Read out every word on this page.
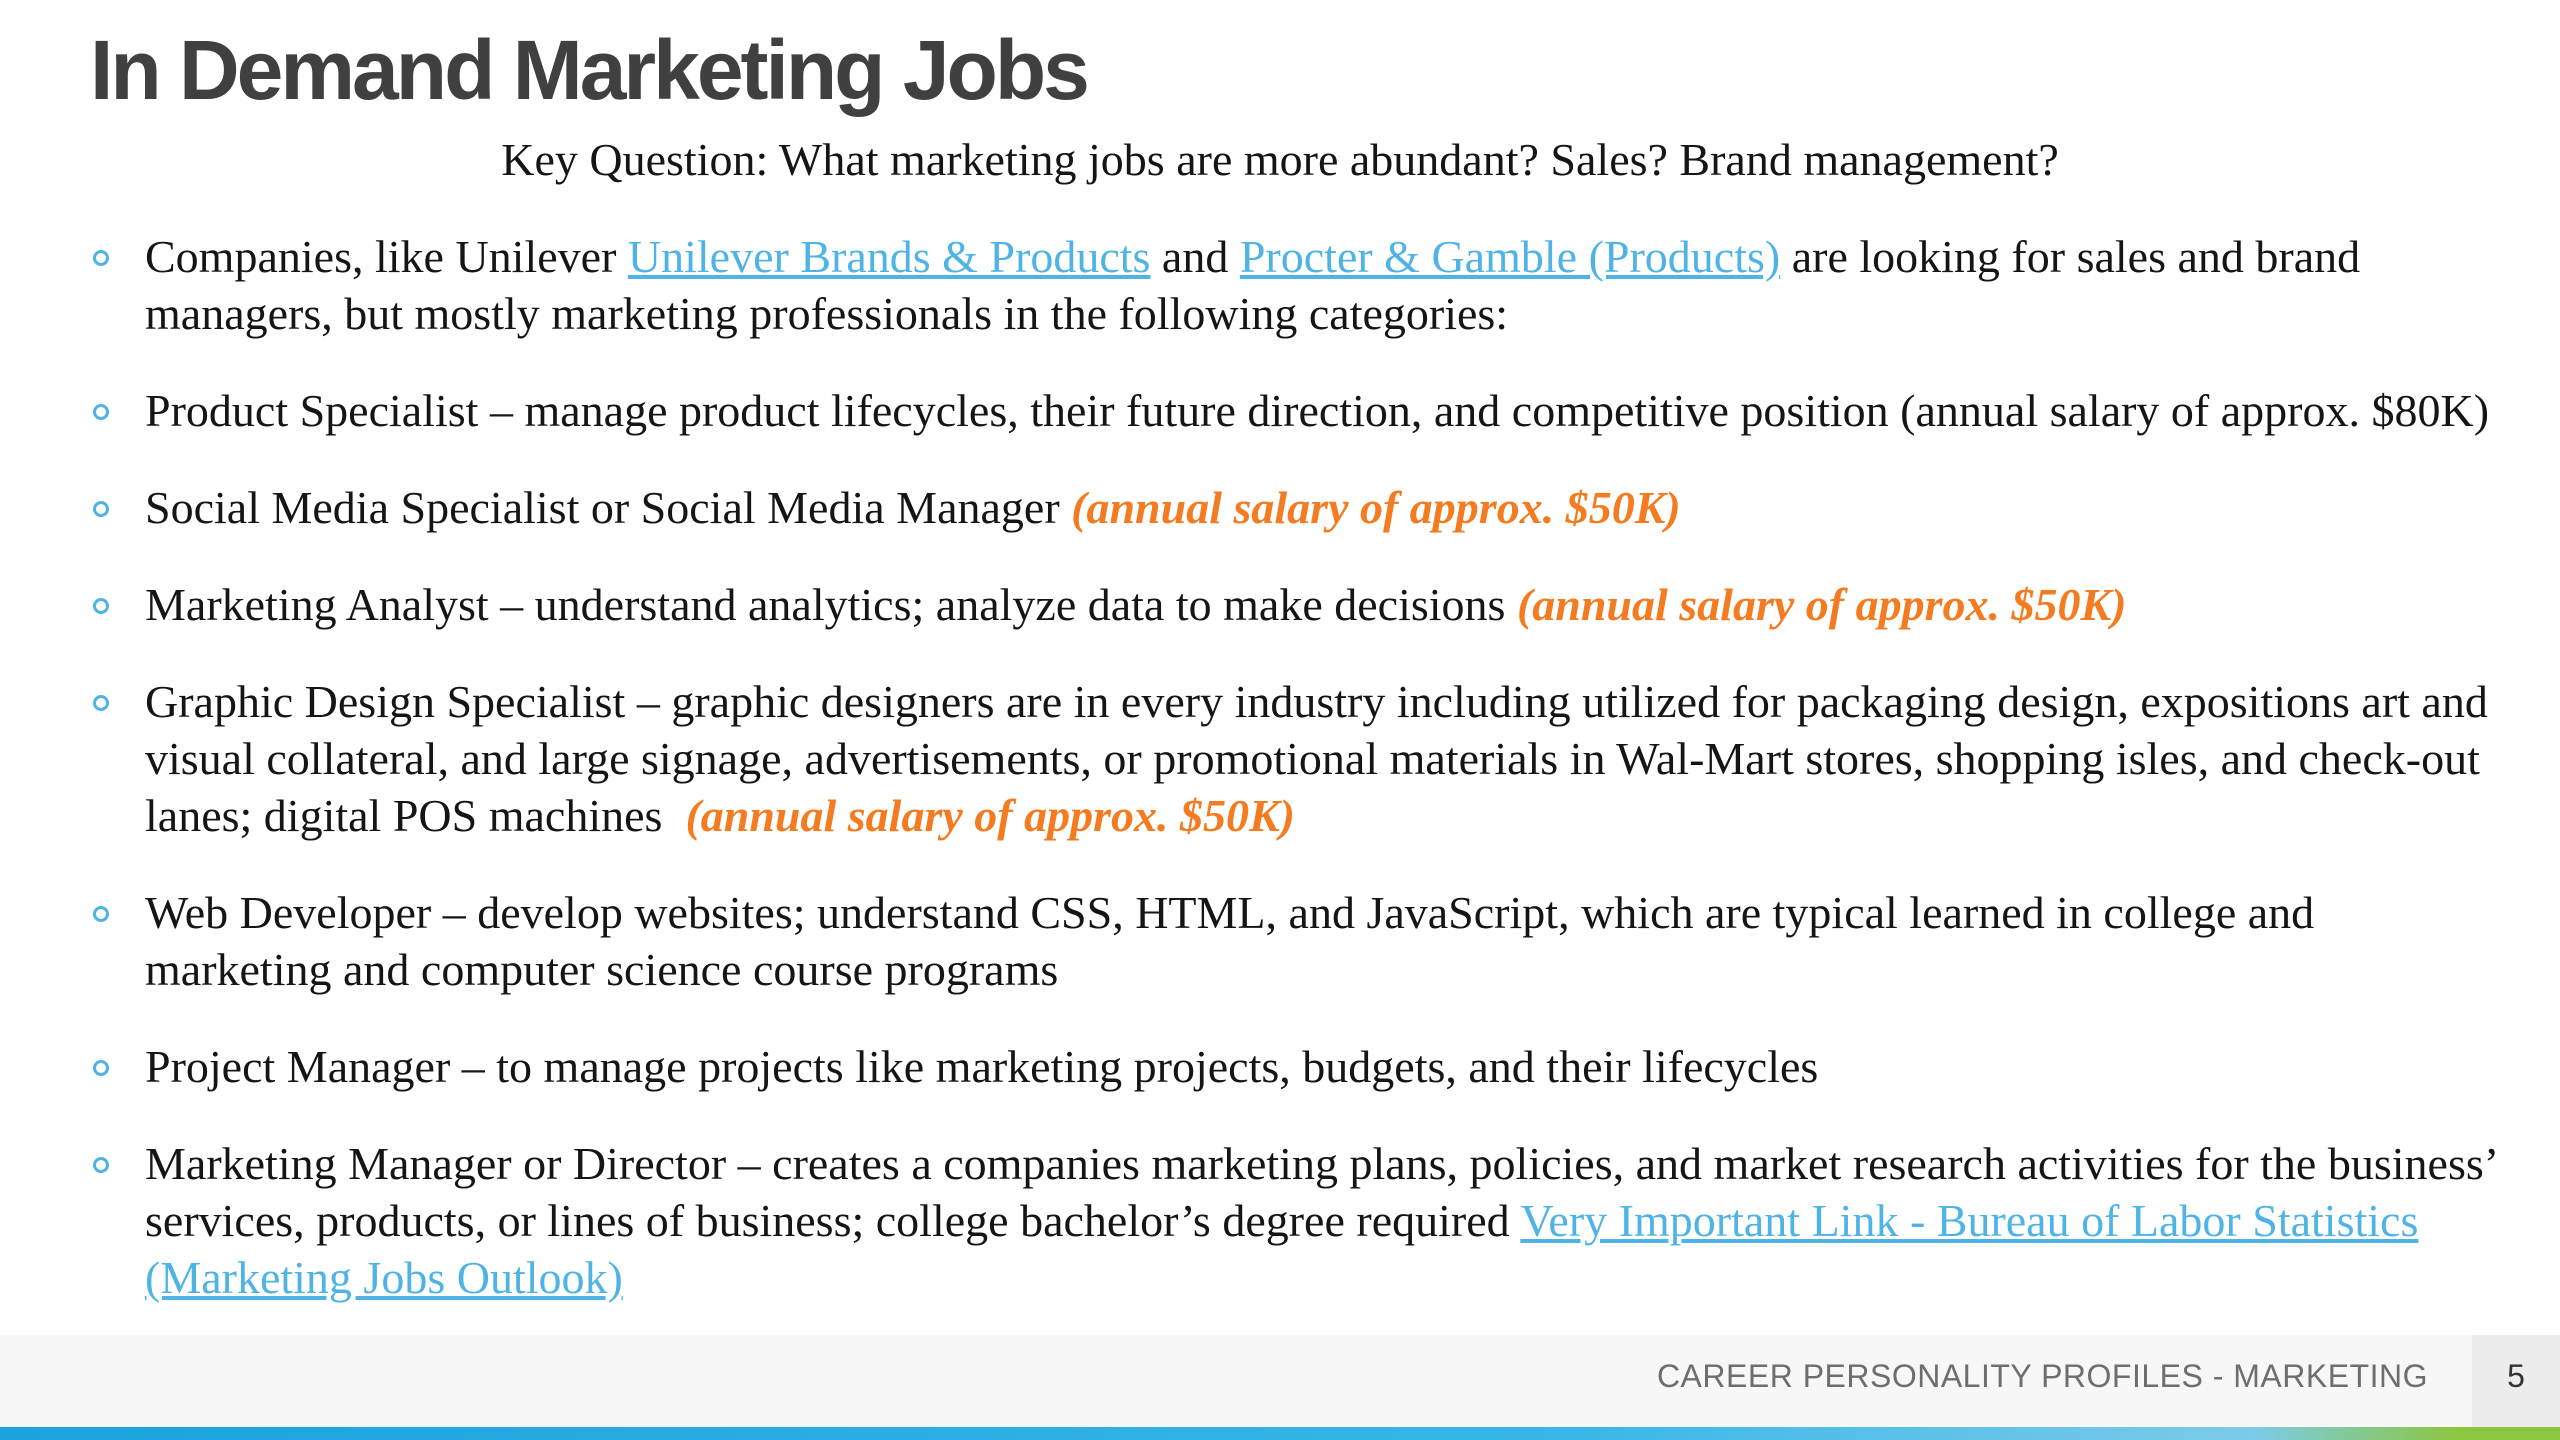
In Demand Marketing Jobs
Key Question: What marketing jobs are more abundant? Sales? Brand management?
Companies, like Unilever Unilever Brands & Products and Procter & Gamble (Products) are looking for sales and brand managers, but mostly marketing professionals in the following categories:
Product Specialist – manage product lifecycles, their future direction, and competitive position (annual salary of approx. $80K)
Social Media Specialist or Social Media Manager (annual salary of approx. $50K)
Marketing Analyst – understand analytics; analyze data to make decisions (annual salary of approx. $50K)
Graphic Design Specialist – graphic designers are in every industry including utilized for packaging design, expositions art and visual collateral, and large signage, advertisements, or promotional materials in Wal-Mart stores, shopping isles, and check-out lanes; digital POS machines  (annual salary of approx. $50K)
Web Developer – develop websites; understand CSS, HTML, and JavaScript, which are typical learned in college and marketing and computer science course programs
Project Manager – to manage projects like marketing projects, budgets, and their lifecycles
Marketing Manager or Director – creates a companies marketing plans, policies, and market research activities for the business’ services, products, or lines of business; college bachelor’s degree required Very Important Link - Bureau of Labor Statistics (Marketing Jobs Outlook)
CAREER PERSONALITY PROFILES - MARKETING	5
